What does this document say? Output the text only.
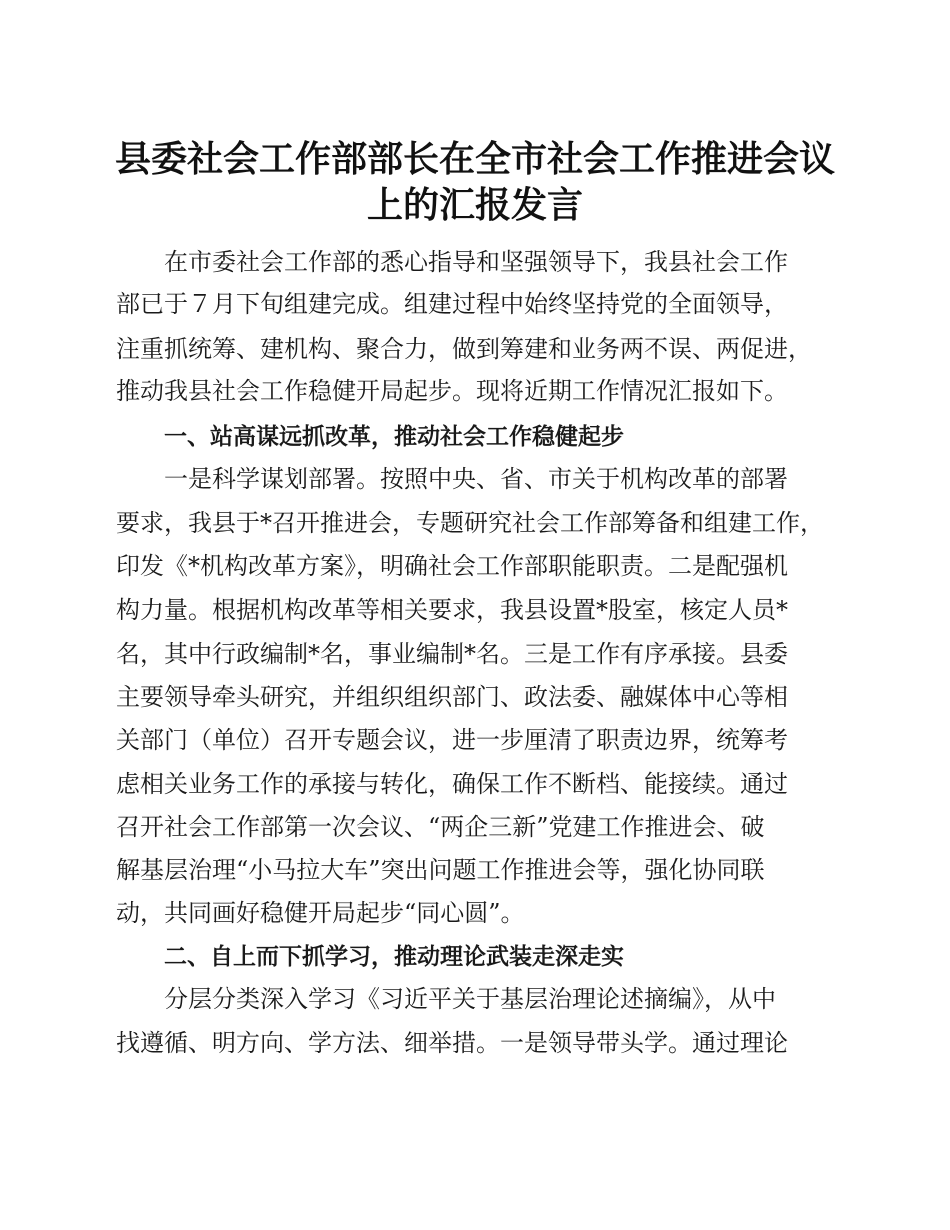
县委社会工作部部长在全市社会工作推进会议
上的汇报发言

在市委社会工作部的悉心指导和坚强领导下，我县社会工作

部已于７月下旬组建完成。组建过程中始终坚持党的全面领导，

注重抓统筹、建机构、聚合力，做到筹建和业务两不误、两促进，

推动我县社会工作稳健开局起步。现将近期工作情况汇报如下。

一、站高谋远抓改革，推动社会工作稳健起步

一是科学谋划部署。按照中央、省、市关于机构改革的部署

要求，我县于*召开推进会，专题研究社会工作部筹备和组建工作，

印发《*机构改革方案》，明确社会工作部职能职责。二是配强机

构力量。根据机构改革等相关要求，我县设置*股室，核定人员*

名，其中行政编制*名，事业编制*名。三是工作有序承接。县委

主要领导牵头研究，并组织组织部门、政法委、融媒体中心等相

关部门（单位）召开专题会议，进一步厘清了职责边界，统筹考

虑相关业务工作的承接与转化，确保工作不断档、能接续。通过

召开社会工作部第一次会议、“两企三新”党建工作推进会、破

解基层治理“小马拉大车”突出问题工作推进会等，强化协同联

动，共同画好稳健开局起步“同心圆”。

二、自上而下抓学习，推动理论武装走深走实

分层分类深入学习《习近平关于基层治理论述摘编》，从中

找遵循、明方向、学方法、细举措。一是领导带头学。通过理论
